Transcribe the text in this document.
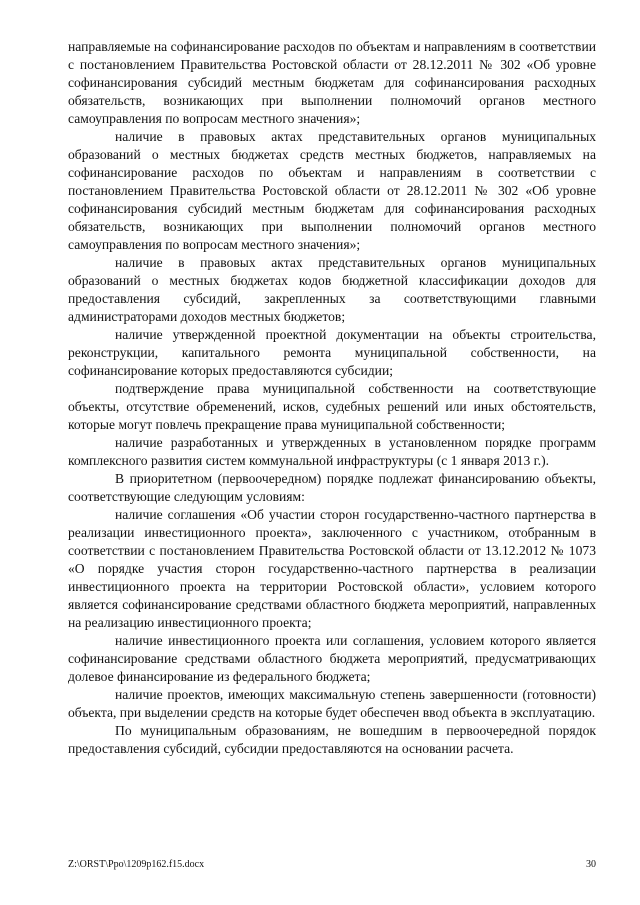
направляемые на софинансирование расходов по объектам и направлениям в соответствии с постановлением Правительства Ростовской области от 28.12.2011 № 302 «Об уровне софинансирования субсидий местным бюджетам для софинансирования расходных обязательств, возникающих при выполнении полномочий органов местного самоуправления по вопросам местного значения»;

наличие в правовых актах представительных органов муниципальных образований о местных бюджетах средств местных бюджетов, направляемых на софинансирование расходов по объектам и направлениям в соответствии с постановлением Правительства Ростовской области от 28.12.2011 № 302 «Об уровне софинансирования субсидий местным бюджетам для софинансирования расходных обязательств, возникающих при выполнении полномочий органов местного самоуправления по вопросам местного значения»;

наличие в правовых актах представительных органов муниципальных образований о местных бюджетах кодов бюджетной классификации доходов для предоставления субсидий, закрепленных за соответствующими главными администраторами доходов местных бюджетов;

наличие утвержденной проектной документации на объекты строительства, реконструкции, капитального ремонта муниципальной собственности, на софинансирование которых предоставляются субсидии;

подтверждение права муниципальной собственности на соответствующие объекты, отсутствие обременений, исков, судебных решений или иных обстоятельств, которые могут повлечь прекращение права муниципальной собственности;

наличие разработанных и утвержденных в установленном порядке программ комплексного развития систем коммунальной инфраструктуры (с 1 января 2013 г.).

В приоритетном (первоочередном) порядке подлежат финансированию объекты, соответствующие следующим условиям:

наличие соглашения «Об участии сторон государственно-частного партнерства в реализации инвестиционного проекта», заключенного с участником, отобранным в соответствии с постановлением Правительства Ростовской области от 13.12.2012 № 1073 «О порядке участия сторон государственно-частного партнерства в реализации инвестиционного проекта на территории Ростовской области», условием которого является софинансирование средствами областного бюджета мероприятий, направленных на реализацию инвестиционного проекта;

наличие инвестиционного проекта или соглашения, условием которого является софинансирование средствами областного бюджета мероприятий, предусматривающих долевое финансирование из федерального бюджета;

наличие проектов, имеющих максимальную степень завершенности (готовности) объекта, при выделении средств на которые будет обеспечен ввод объекта в эксплуатацию.

По муниципальным образованиям, не вошедшим в первоочередной порядок предоставления субсидий, субсидии предоставляются на основании расчета.

Z:\ORST\Ppo\1209p162.f15.docx	30
